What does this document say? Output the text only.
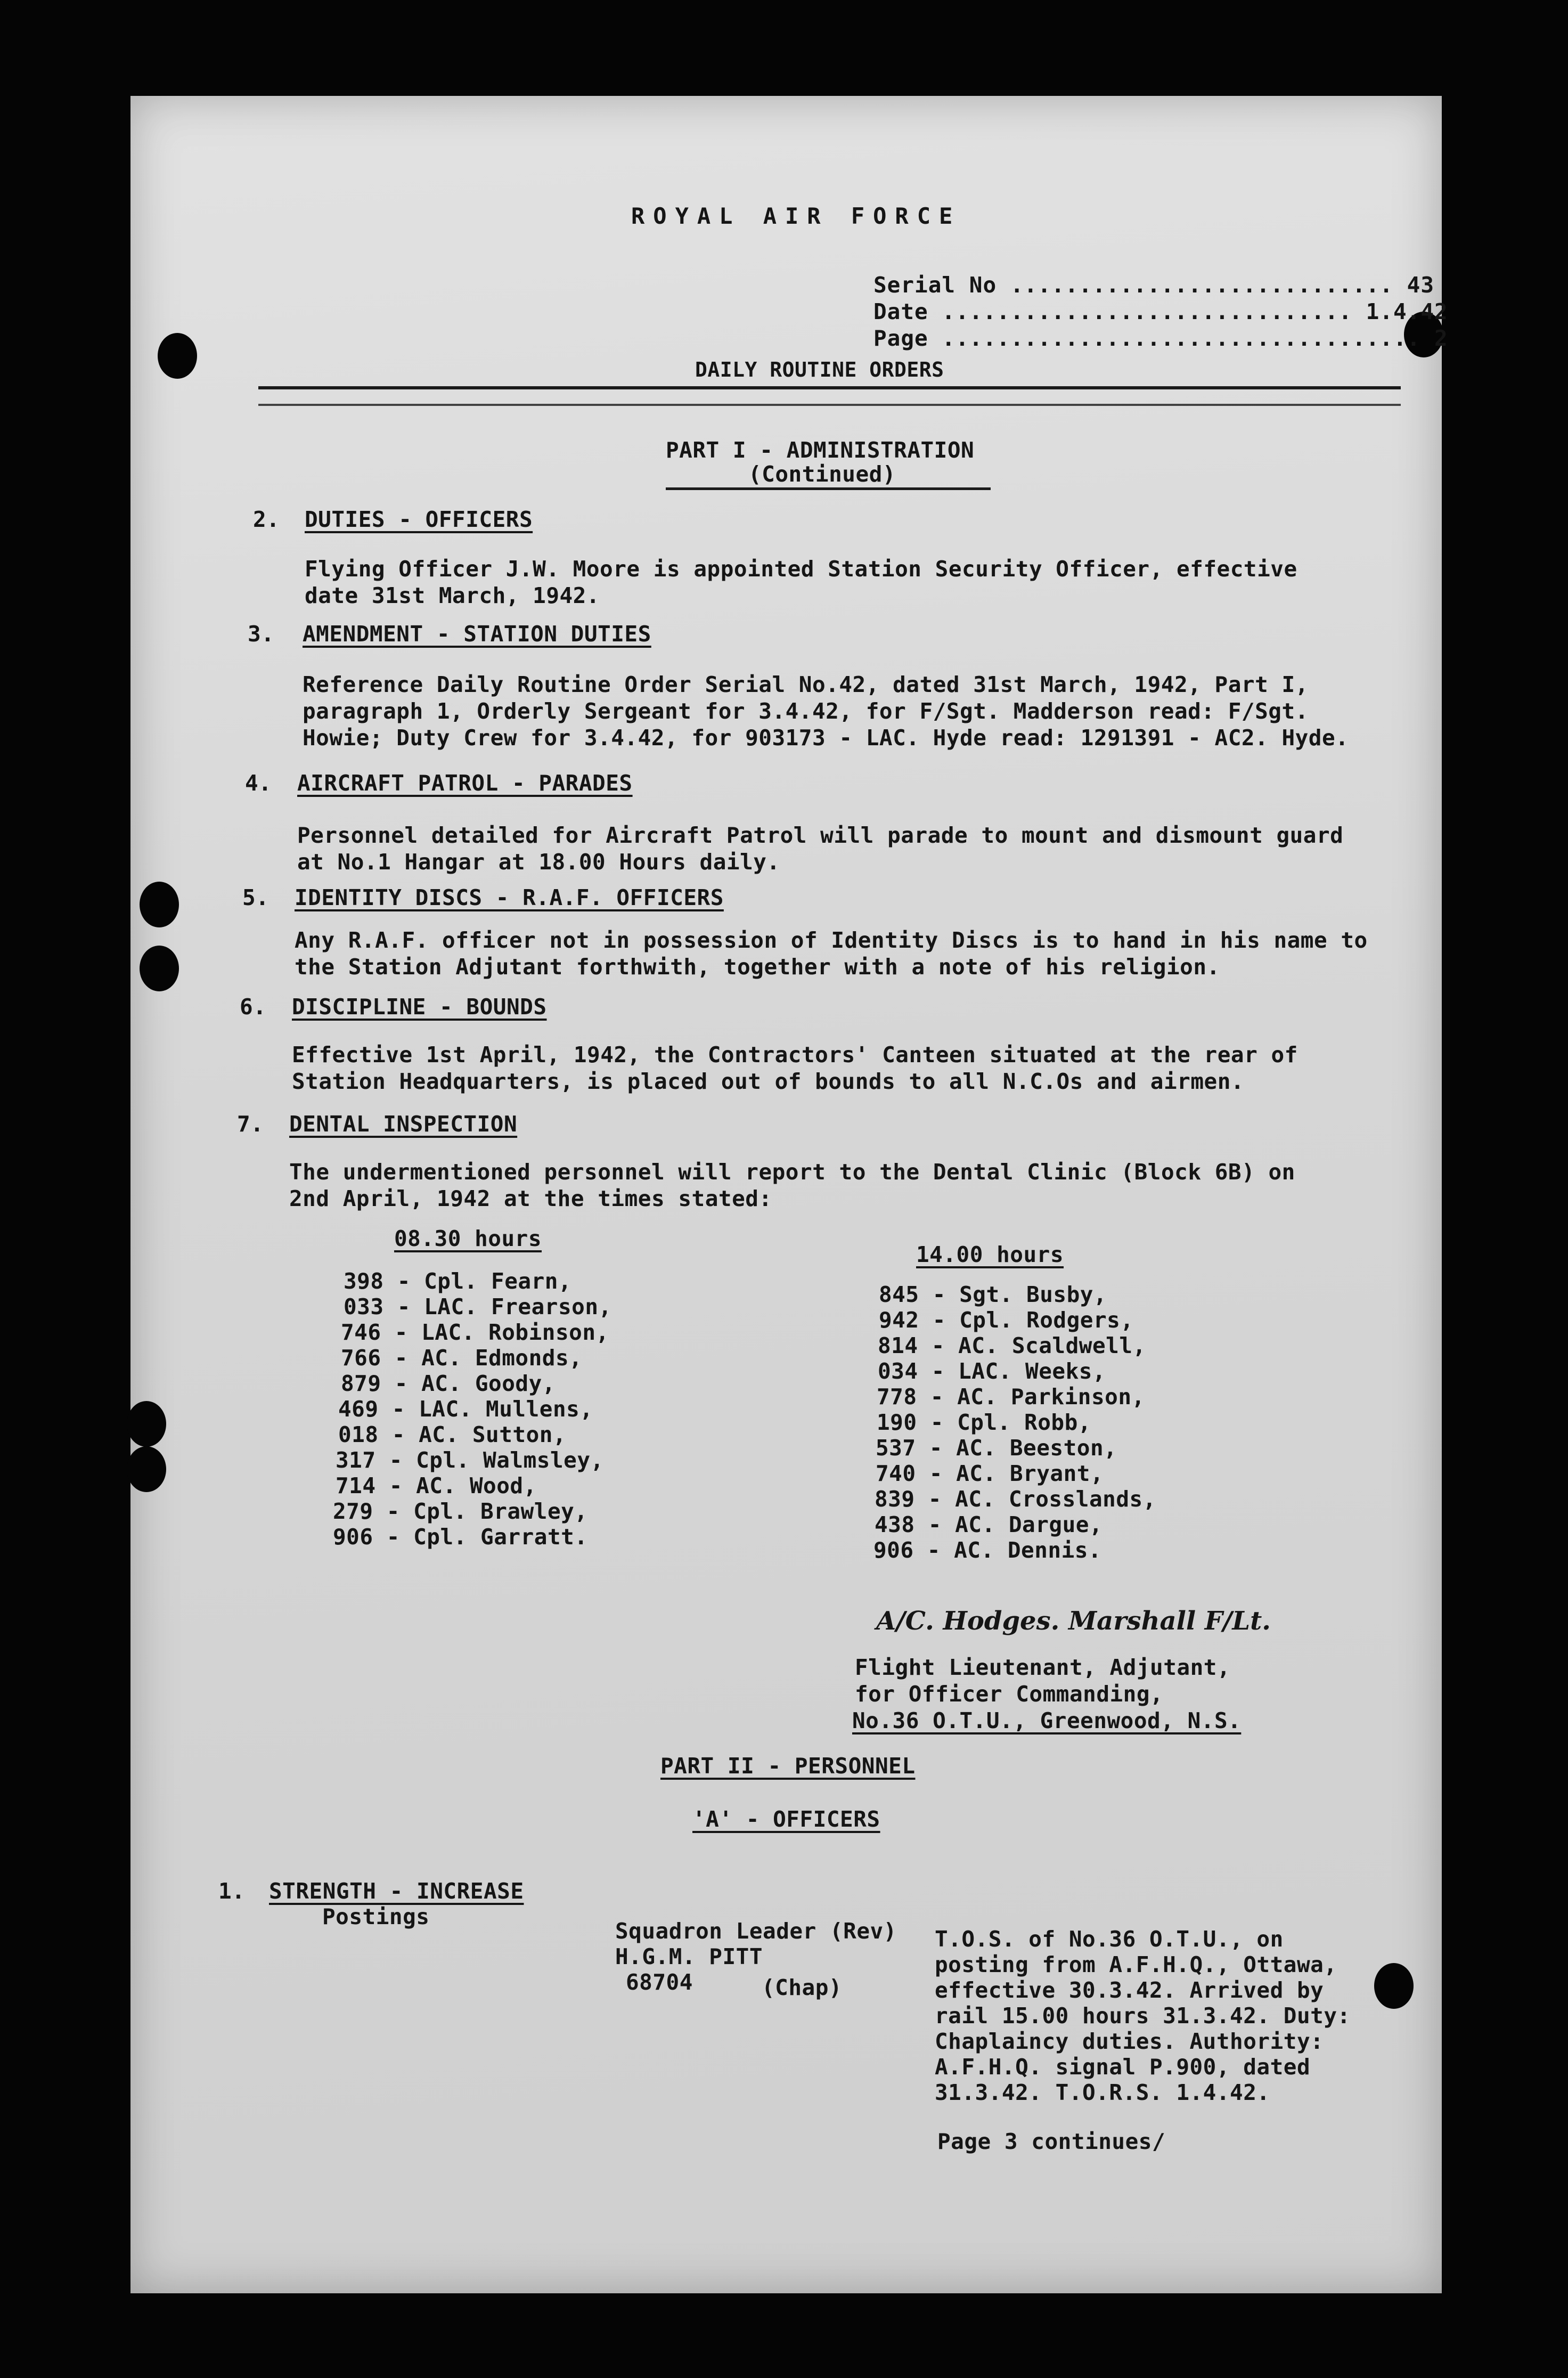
ROYAL AIR FORCE
Serial No ............................ 43
Date .............................. 1.4.42
Page ................................... 2
DAILY ROUTINE ORDERS
PART I - ADMINISTRATION
(Continued)
2. DUTIES - OFFICERS
Flying Officer J.W. Moore is appointed Station Security Officer, effective
date 31st March, 1942.
3. AMENDMENT - STATION DUTIES
Reference Daily Routine Order Serial No.42, dated 31st March, 1942, Part I,
paragraph 1, Orderly Sergeant for 3.4.42, for F/Sgt. Madderson read: F/Sgt.
Howie; Duty Crew for 3.4.42, for 903173 - LAC. Hyde read: 1291391 - AC2. Hyde.
4. AIRCRAFT PATROL - PARADES
Personnel detailed for Aircraft Patrol will parade to mount and dismount guard
at No.1 Hangar at 18.00 Hours daily.
5. IDENTITY DISCS - R.A.F. OFFICERS
Any R.A.F. officer not in possession of Identity Discs is to hand in his name to
the Station Adjutant forthwith, together with a note of his religion.
6. DISCIPLINE - BOUNDS
Effective 1st April, 1942, the Contractors' Canteen situated at the rear of
Station Headquarters, is placed out of bounds to all N.C.Os and airmen.
7. DENTAL INSPECTION
The undermentioned personnel will report to the Dental Clinic (Block 6B) on
2nd April, 1942 at the times stated:
08.30 hours
398 - Cpl. Fearn,
033 - LAC. Frearson,
746 - LAC. Robinson,
766 - AC. Edmonds,
879 - AC. Goody,
469 - LAC. Mullens,
018 - AC. Sutton,
317 - Cpl. Walmsley,
714 - AC. Wood,
279 - Cpl. Brawley,
906 - Cpl. Garratt.
14.00 hours
845 - Sgt. Busby,
942 - Cpl. Rodgers,
814 - AC. Scaldwell,
034 - LAC. Weeks,
778 - AC. Parkinson,
190 - Cpl. Robb,
537 - AC. Beeston,
740 - AC. Bryant,
839 - AC. Crosslands,
438 - AC. Dargue,
906 - AC. Dennis.
A/C. Hodges. Marshall F/Lt.
Flight Lieutenant, Adjutant,
for Officer Commanding,
No.36 O.T.U., Greenwood, N.S.
PART II - PERSONNEL
'A' - OFFICERS
1. STRENGTH - INCREASE
Postings
Squadron Leader (Rev)
H.G.M. PITT
68704	(Chap)
T.O.S. of No.36 O.T.U., on
posting from A.F.H.Q., Ottawa,
effective 30.3.42. Arrived by
rail 15.00 hours 31.3.42. Duty:
Chaplaincy duties. Authority:
A.F.H.Q. signal P.900, dated
31.3.42. T.O.R.S. 1.4.42.
Page 3 continues/
